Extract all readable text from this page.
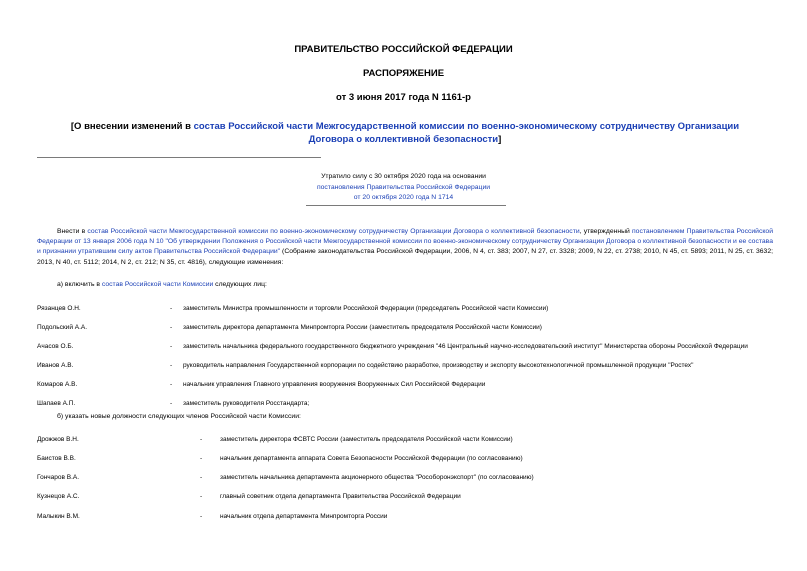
ПРАВИТЕЛЬСТВО РОССИЙСКОЙ ФЕДЕРАЦИИ
РАСПОРЯЖЕНИЕ
от 3 июня 2017 года N 1161-р
[О внесении изменений в состав Российской части Межгосударственной комиссии по военно-экономическому сотрудничеству Организации Договора о коллективной безопасности]
Утратило силу с 30 октября 2020 года на основании
постановления Правительства Российской Федерации
от 20 октября 2020 года N 1714
Внести в состав Российской части Межгосударственной комиссии по военно-экономическому сотрудничеству Организации Договора о коллективной безопасности, утвержденный постановлением Правительства Российской Федерации от 13 января 2006 года N 10 "Об утверждении Положения о Российской части Межгосударственной комиссии по военно-экономическому сотрудничеству Организации Договора о коллективной безопасности и ее состава и признании утратившим силу актов Правительства Российской Федерации" (Собрание законодательства Российской Федерации, 2006, N 4, ст. 383; 2007, N 27, ст. 3328; 2009, N 22, ст. 2738; 2010, N 45, ст. 5893; 2011, N 25, ст. 3632; 2013, N 40, ст. 5112; 2014, N 2, ст. 212; N 35, ст. 4816), следующие изменения:
а) включить в состав Российской части Комиссии следующих лиц:
Рязанцев О.Н.	- заместитель Министра промышленности и торговли Российской Федерации (председатель Российской части Комиссии)
Подольский А.А.	- заместитель директора департамента Минпромторга России (заместитель председателя Российской части Комиссии)
Ачасов О.Б.	- заместитель начальника федерального государственного бюджетного учреждения "46 Центральный научно-исследовательский институт" Министерства обороны Российской Федерации
Иванов А.В.	- руководитель направления Государственной корпорации по содействию разработке, производству и экспорту высокотехнологичной промышленной продукции "Ростех"
Комаров А.В.	- начальник управления Главного управления вооружения Вооруженных Сил Российской Федерации
Шапаев А.П.	- заместитель руководителя Росстандарта;
б) указать новые должности следующих членов Российской части Комиссии:
Дрожжов В.Н.	-	заместитель директора ФСВТС России (заместитель председателя Российской части Комиссии)
Баистов В.В.	-	начальник департамента аппарата Совета Безопасности Российской Федерации (по согласованию)
Гончаров В.А.	-	заместитель начальника департамента акционерного общества "Рособоронэкспорт" (по согласованию)
Кузнецов А.С.	-	главный советник отдела департамента Правительства Российской Федерации
Малыкин В.М.	-	начальник отдела департамента Минпромторга России
